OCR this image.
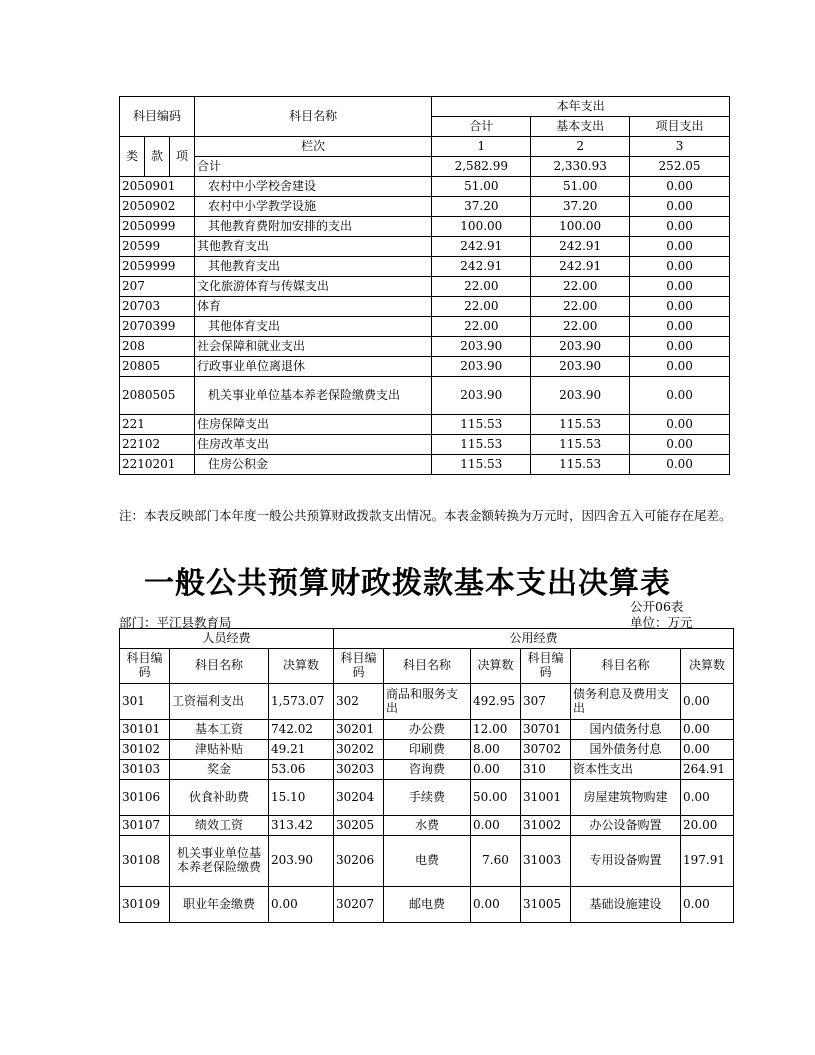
科目编码			科目名称	本年支出		
				合计	基本支出	项目支出
类	款	项	栏次	1	2	3
			合计	2,582.99	2,330.93	252.05
2050901			农村中小学校舍建设	51.00	51.00	0.00
2050902			农村中小学教学设施	37.20	37.20	0.00
2050999			其他教育费附加安排的支出	100.00	100.00	0.00
20599			其他教育支出	242.91	242.91	0.00
2059999			其他教育支出	242.91	242.91	0.00
207			文化旅游体育与传媒支出	22.00	22.00	0.00
20703			体育	22.00	22.00	0.00
2070399			其他体育支出	22.00	22.00	0.00
208			社会保障和就业支出	203.90	203.90	0.00
20805			行政事业单位离退休	203.90	203.90	0.00
2080505			机关事业单位基本养老保险缴费支出	203.90	203.90	0.00
221			住房保障支出	115.53	115.53	0.00
22102			住房改革支出	115.53	115.53	0.00
2210201			住房公积金	115.53	115.53	0.00
注：本表反映部门本年度一般公共预算财政拨款支出情况。本表金额转换为万元时，因四舍五入可能存在尾差。
一般公共预算财政拨款基本支出决算表
公开06表
部门：平江县教育局	单位：万元
人员经费			公用经费					
科目编码	科目名称	决算数	科目编码	科目名称	决算数	科目编码	科目名称	决算数
301	工资福利支出	1,573.07	302	商品和服务支出	492.95	307	债务利息及费用支出	0.00
30101	基本工资	742.02	30201	办公费	12.00	30701	国内债务付息	0.00
30102	津贴补贴	49.21	30202	印刷费	8.00	30702	国外债务付息	0.00
30103	奖金	53.06	30203	咨询费	0.00	310	资本性支出	264.91
30106	伙食补助费	15.10	30204	手续费	50.00	31001	房屋建筑物购建	0.00
30107	绩效工资	313.42	30205	水费	0.00	31002	办公设备购置	20.00
30108	机关事业单位基本养老保险缴费	203.90	30206	电费	7.60	31003	专用设备购置	197.91
30109	职业年金缴费	0.00	30207	邮电费	0.00	31005	基础设施建设	0.00
